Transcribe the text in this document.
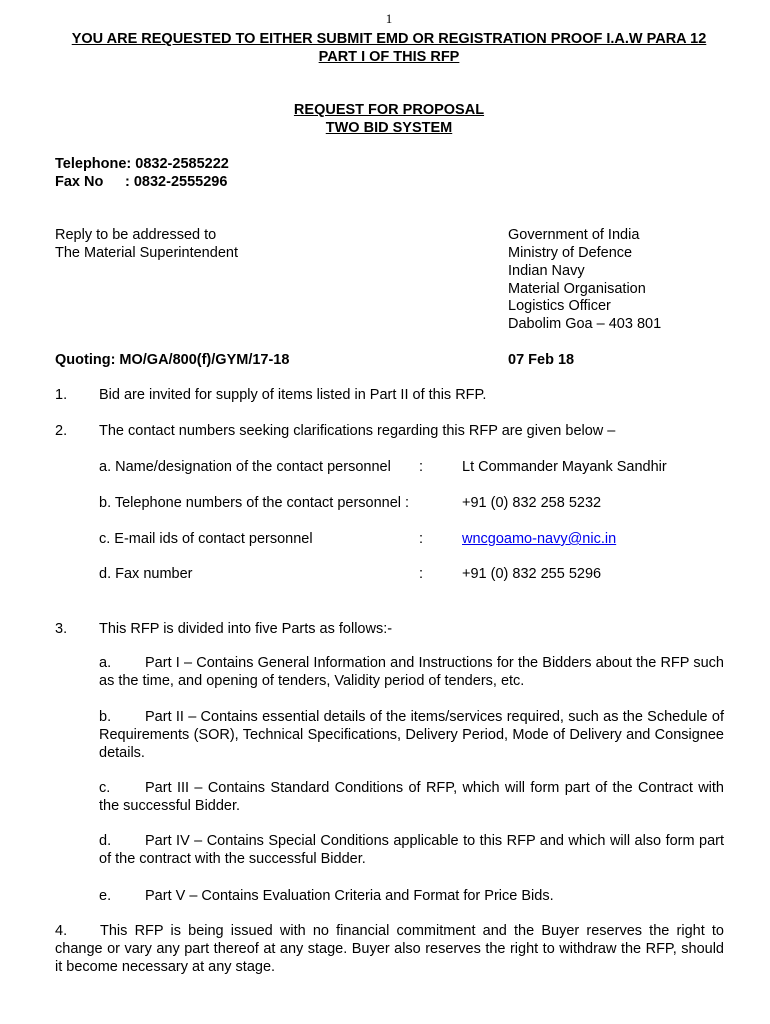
1
YOU ARE REQUESTED TO EITHER SUBMIT EMD OR REGISTRATION PROOF I.A.W PARA 12
PART I OF THIS RFP
REQUEST FOR PROPOSAL
TWO BID SYSTEM
Telephone: 0832-2585222
Fax No : 0832-2555296
Reply to be addressed to
The Material Superintendent
Government of India
Ministry of Defence
Indian Navy
Material Organisation
Logistics Officer
Dabolim Goa – 403 801
Quoting: MO/GA/800(f)/GYM/17-18	07 Feb 18
1. Bid are invited for supply of items listed in Part II of this RFP.
2. The contact numbers seeking clarifications regarding this RFP are given below –
a. Name/designation of the contact personnel :	Lt Commander Mayank Sandhir
b. Telephone numbers of the contact personnel :	+91 (0) 832 258 5232
c. E-mail ids of contact personnel	:	wncgoamo-navy@nic.in
d. Fax number	:	+91 (0) 832 255 5296
3. This RFP is divided into five Parts as follows:-
a. Part I – Contains General Information and Instructions for the Bidders about the RFP such as the time, and opening of tenders, Validity period of tenders, etc.
b. Part II – Contains essential details of the items/services required, such as the Schedule of Requirements (SOR), Technical Specifications, Delivery Period, Mode of Delivery and Consignee details.
c. Part III – Contains Standard Conditions of RFP, which will form part of the Contract with the successful Bidder.
d. Part IV – Contains Special Conditions applicable to this RFP and which will also form part of the contract with the successful Bidder.
e. Part V – Contains Evaluation Criteria and Format for Price Bids.
4. This RFP is being issued with no financial commitment and the Buyer reserves the right to change or vary any part thereof at any stage. Buyer also reserves the right to withdraw the RFP, should it become necessary at any stage.
